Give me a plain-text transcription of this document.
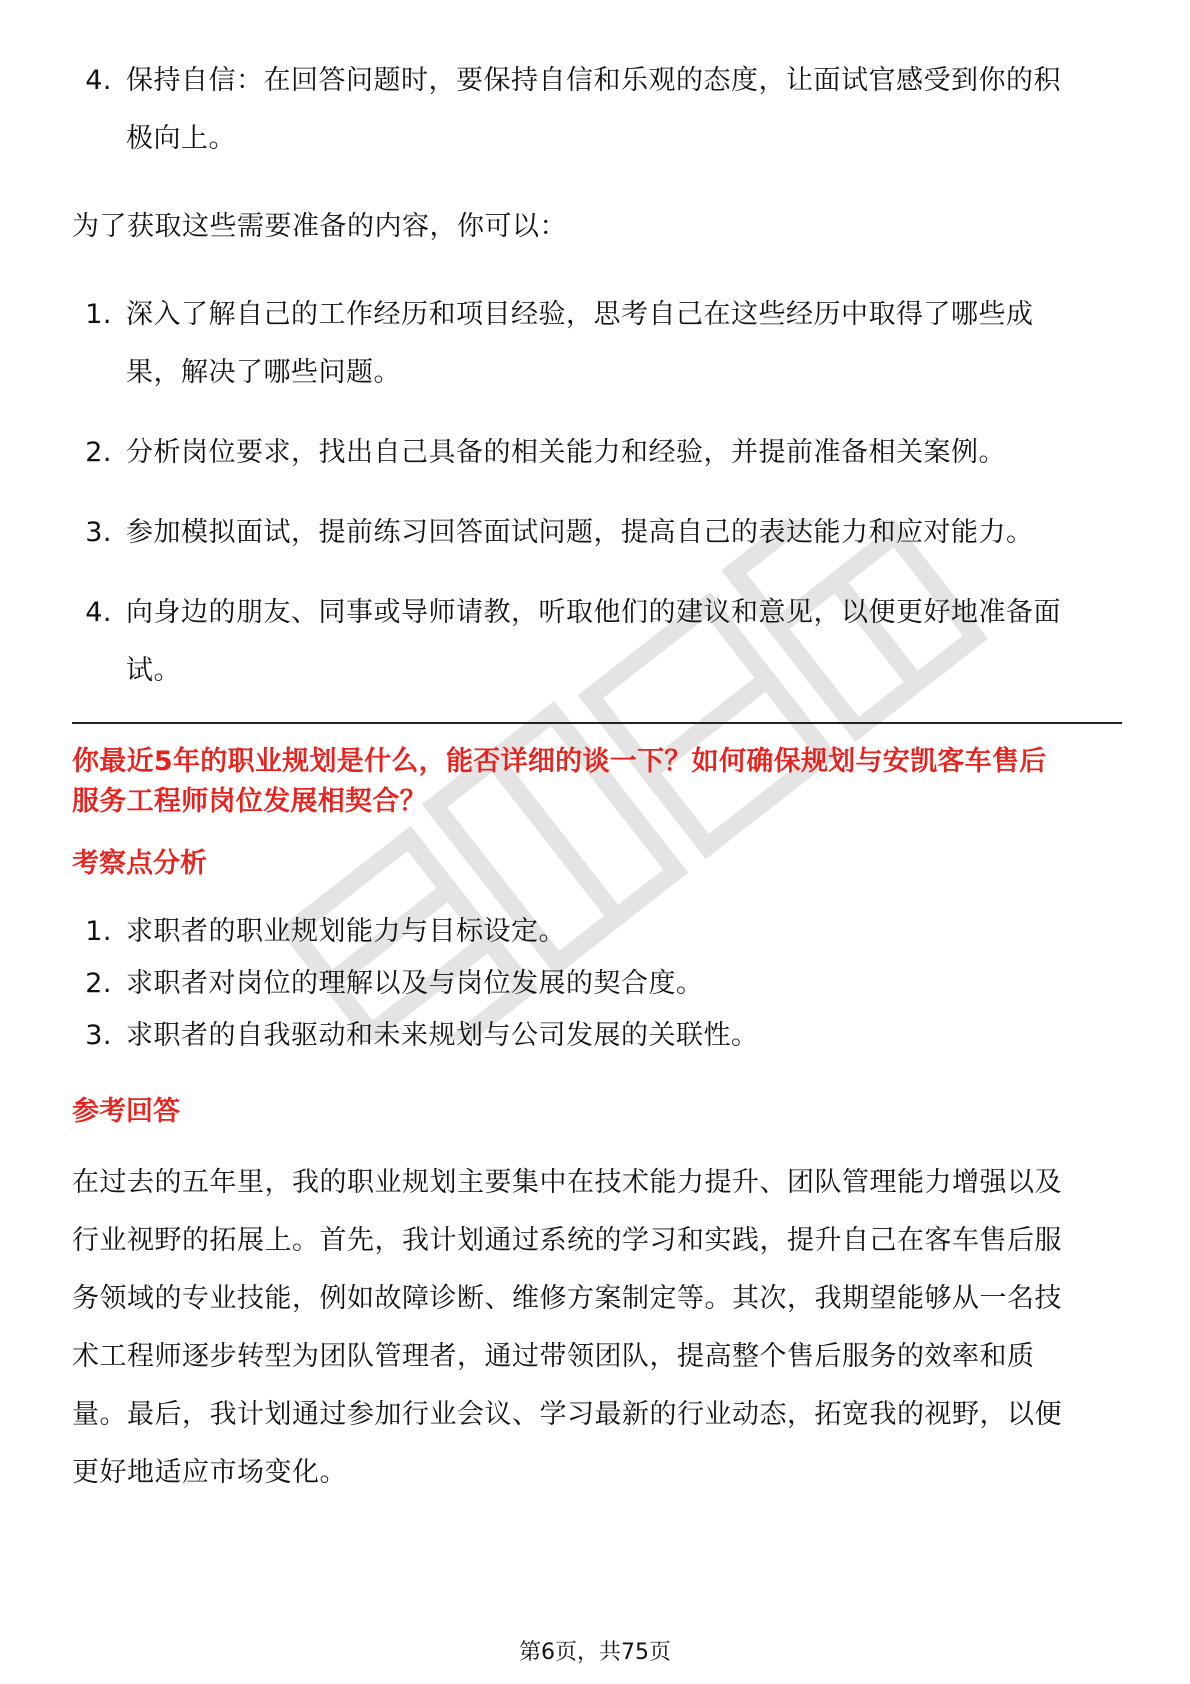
4. 保持自信：在回答问题时，要保持自信和乐观的态度，让面试官感受到你的积
极向上。
为了获取这些需要准备的内容，你可以：
1. 深入了解自己的工作经历和项目经验，思考自己在这些经历中取得了哪些成
果，解决了哪些问题。
2. 分析岗位要求，找出自己具备的相关能力和经验，并提前准备相关案例。
3. 参加模拟面试，提前练习回答面试问题，提高自己的表达能力和应对能力。
4. 向身边的朋友、同事或导师请教，听取他们的建议和意见，以便更好地准备面
试。
你最近5年的职业规划是什么，能否详细的谈一下？如何确保规划与安凯客车售后
服务工程师岗位发展相契合？
考察点分析
1. 求职者的职业规划能力与目标设定。
2. 求职者对岗位的理解以及与岗位发展的契合度。
3. 求职者的自我驱动和未来规划与公司发展的关联性。
参考回答
在过去的五年里，我的职业规划主要集中在技术能力提升、团队管理能力增强以及
行业视野的拓展上。首先，我计划通过系统的学习和实践，提升自己在客车售后服
务领域的专业技能，例如故障诊断、维修方案制定等。其次，我期望能够从一名技
术工程师逐步转型为团队管理者，通过带领团队，提高整个售后服务的效率和质
量。最后，我计划通过参加行业会议、学习最新的行业动态，拓宽我的视野，以便
更好地适应市场变化。
第6页，共75页
